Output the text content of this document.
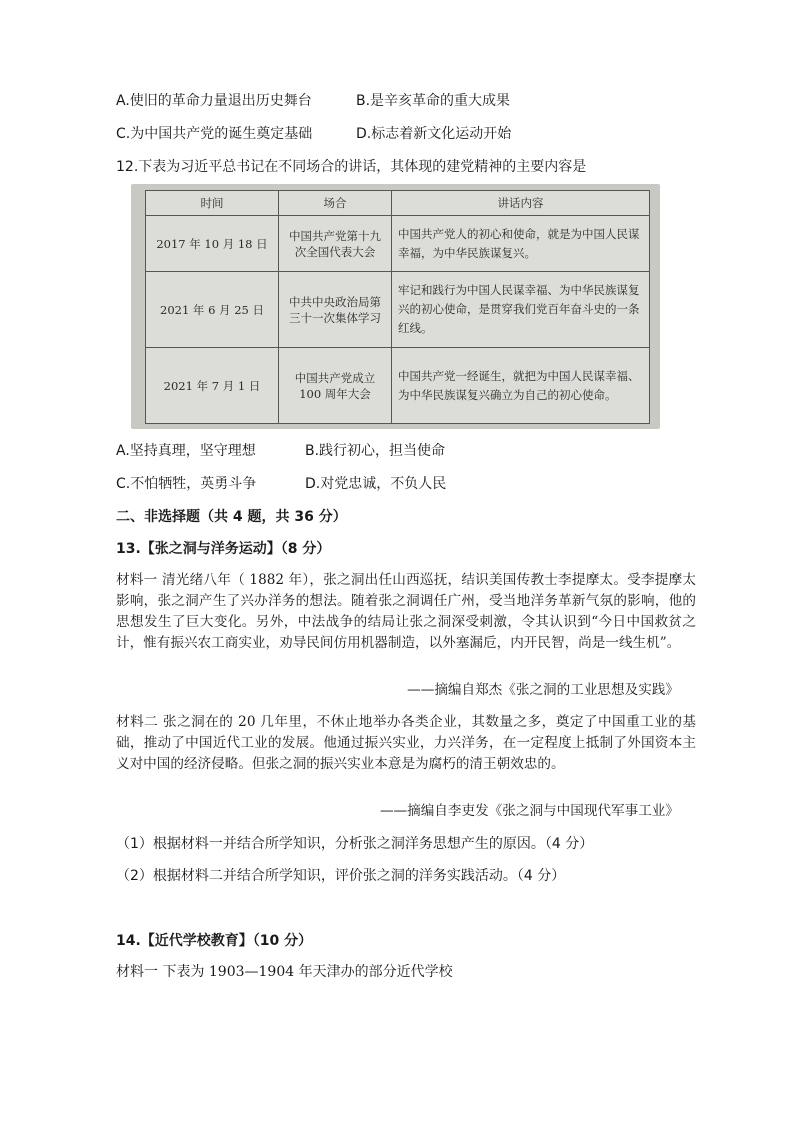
A.使旧的革命力量退出历史舞台	B.是辛亥革命的重大成果
C.为中国共产党的诞生奠定基础	D.标志着新文化运动开始
12.下表为习近平总书记在不同场合的讲话，其体现的建党精神的主要内容是
时间	场合	讲话内容
2017 年 10 月 18 日	中国共产党第十九次全国代表大会	中国共产党人的初心和使命，就是为中国人民谋幸福，为中华民族谋复兴。
2021 年 6 月 25 日	中共中央政治局第三十一次集体学习	牢记和践行为中国人民谋幸福、为中华民族谋复兴的初心使命，是贯穿我们党百年奋斗史的一条红线。
2021 年 7 月 1 日	中国共产党成立100 周年大会	中国共产党一经诞生，就把为中国人民谋幸福、为中华民族谋复兴确立为自己的初心使命。
A.坚持真理，坚守理想	B.践行初心，担当使命
C.不怕牺牲，英勇斗争	D.对党忠诚，不负人民
二、非选择题（共 4 题，共 36 分）
13.【张之洞与洋务运动】（8 分）
材料一 清光绪八年（ 1882 年），张之洞出任山西巡抚，结识美国传教士李提摩太。受李提摩太影响，张之洞产生了兴办洋务的想法。随着张之洞调任广州，受当地洋务革新气氛的影响，他的思想发生了巨大变化。另外，中法战争的结局让张之洞深受刺激，令其认识到“今日中国救贫之计，惟有振兴农工商实业，劝导民间仿用机器制造，以外塞漏卮，内开民智，尚是一线生机”。
——摘编自郑杰《张之洞的工业思想及实践》
材料二 张之洞在的 20 几年里，不休止地举办各类企业，其数量之多，奠定了中国重工业的基础，推动了中国近代工业的发展。他通过振兴实业，力兴洋务，在一定程度上抵制了外国资本主义对中国的经济侵略。但张之洞的振兴实业本意是为腐朽的清王朝效忠的。
——摘编自李吏发《张之洞与中国现代军事工业》
（1）根据材料一并结合所学知识，分析张之洞洋务思想产生的原因。（4 分）
（2）根据材料二并结合所学知识，评价张之洞的洋务实践活动。（4 分）
14.【近代学校教育】（10 分）
材料一 下表为 1903—1904 年天津办的部分近代学校
